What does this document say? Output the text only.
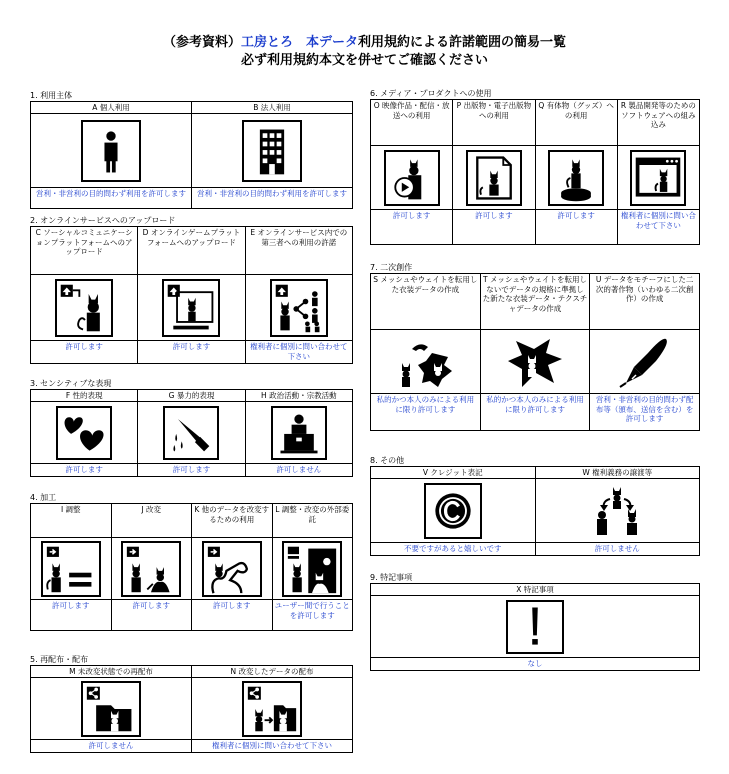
（参考資料）工房とろ　 本データ利用規約による許諾範囲の簡易一覧
必ず利用規約本文を併せてご確認ください
1. 利用主体
A 個人利用
営利・非営利の目的問わず利用を許可します
B 法人利用
営利・非営利の目的問わず利用を許可します
2. オンラインサービスへのアップロード
C ソーシャルコミュニケーションプラットフォームへのアップロード
許可します
D オンラインゲームプラットフォームへのアップロード
許可します
E オンラインサービス内での第三者への利用の許諾
権利者に個別に問い合わせて下さい
3. センシティブな表現
F 性的表現
許可します
G 暴力的表現
許可します
H 政治活動・宗教活動
許可しません
4. 加工
I 調整
許可します
J 改変
許可します
K 他のデータを改変するための利用
許可します
L 調整・改変の外部委託
ユーザー間で行うことを許可します
5. 再配布・配布
M 未改変状態での再配布
許可しません
N 改変したデータの配布
権利者に個別に問い合わせて下さい
6. メディア・プロダクトへの使用
O 映像作品・配信・放送への利用
許可します
P 出版物・電子出版物への利用
許可します
Q 有体物（グッズ）への利用
許可します
R 製品開発等のためのソフトウェアへの組み込み
権利者に個別に問い合わせて下さい
7. 二次創作
S メッシュやウェイトを転用した衣装データの作成
私的かつ本人のみによる利用に限り許可します
T メッシュやウェイトを転用しないでデータの規格に準拠した新たな衣装データ・テクスチャデータの作成
私的かつ本人のみによる利用に限り許可します
U データをモチーフにした二次的著作物（いわゆる二次創作）の作成
営利・非営利の目的問わず配布等（頒布、送信を含む）を許可します
8. その他
V クレジット表記
不要ですがあると嬉しいです
W 権利義務の譲渡等
許可しません
9. 特記事項
X 特記事項
なし
